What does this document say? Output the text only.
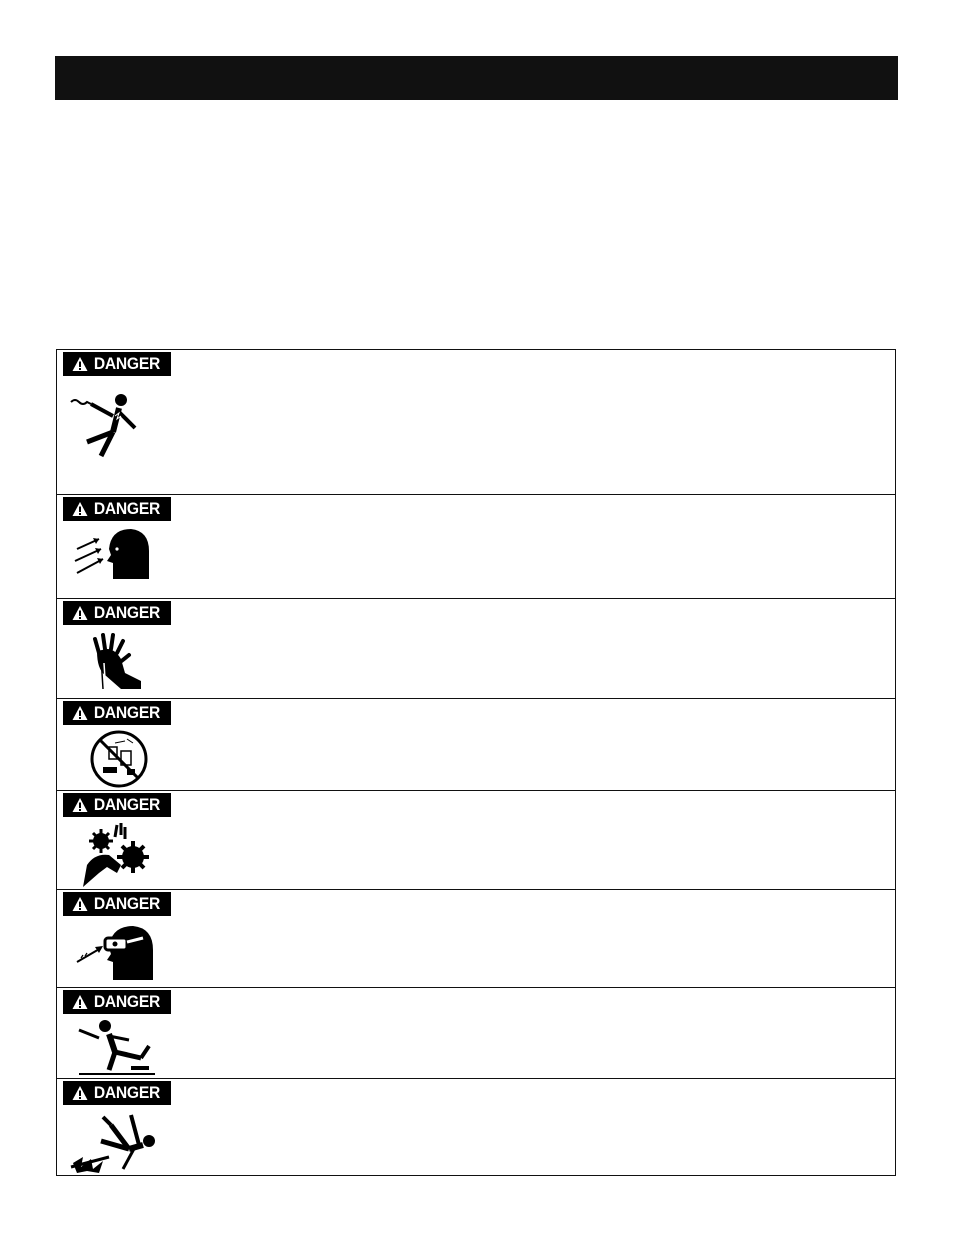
DANGER
DANGER
DANGER
DANGER
DANGER
DANGER
DANGER
DANGER
